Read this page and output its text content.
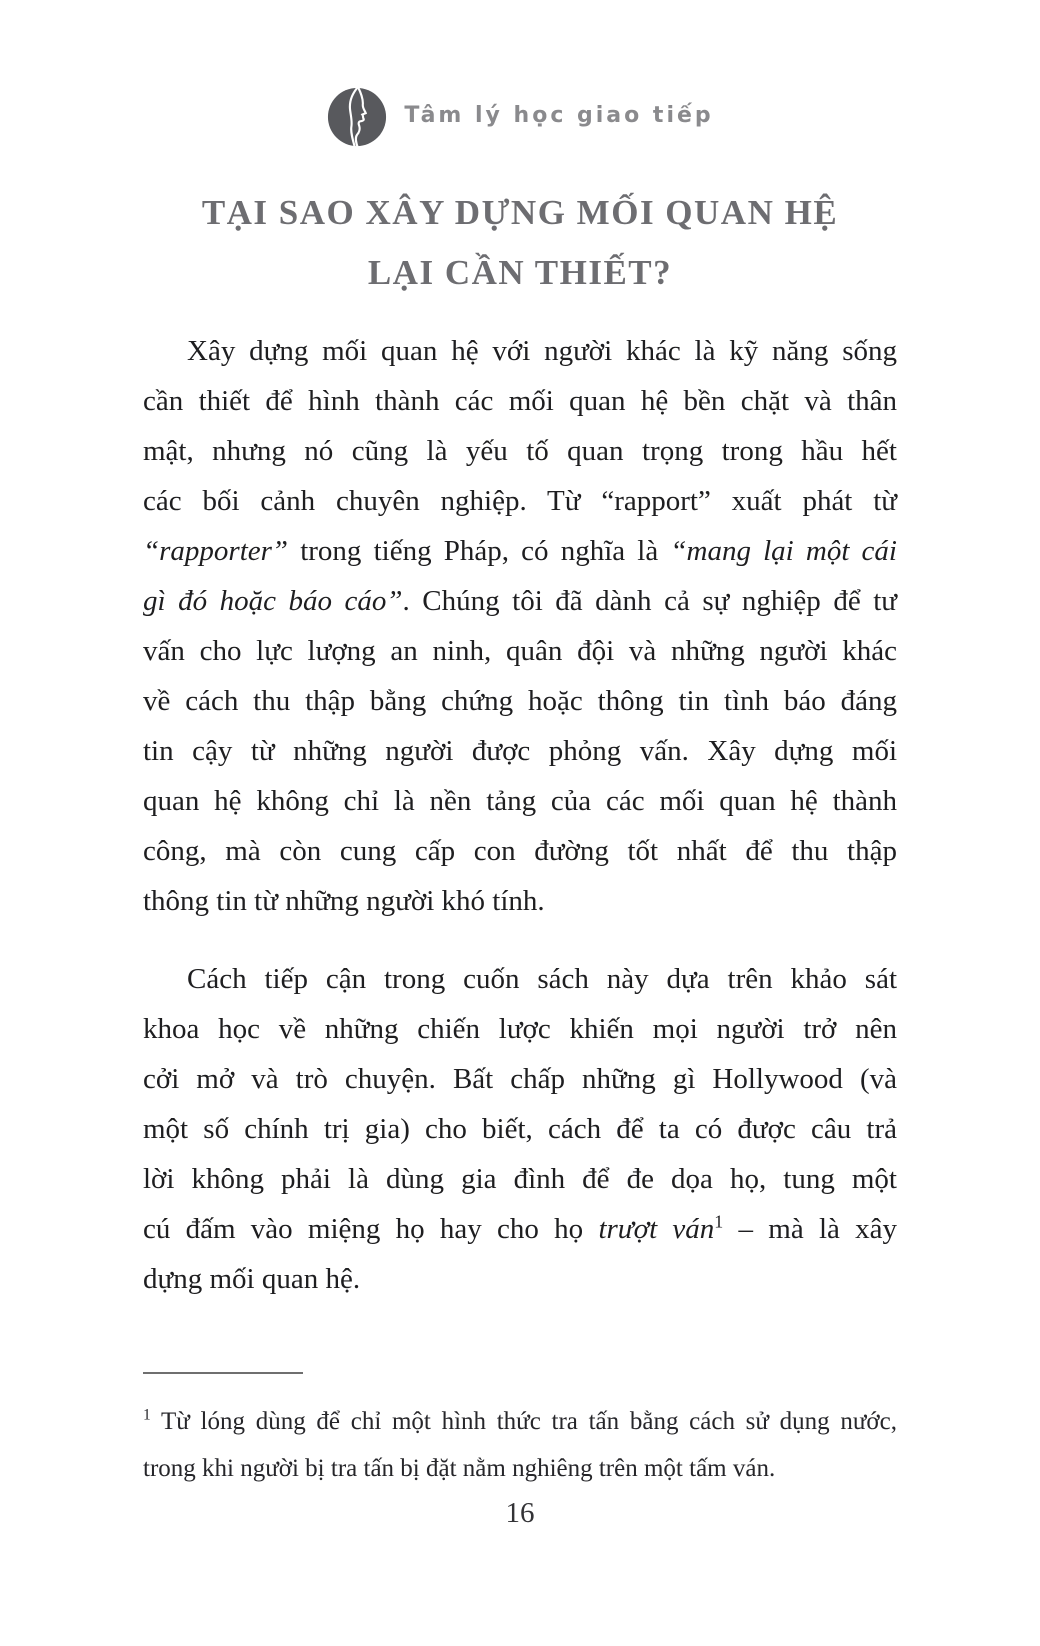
Tâm lý học giao tiếp
TẠI SAO XÂY DỰNG MỐI QUAN HỆ
LẠI CẦN THIẾT?
Xây dựng mối quan hệ với người khác là kỹ năng sống
cần thiết để hình thành các mối quan hệ bền chặt và thân
mật, nhưng nó cũng là yếu tố quan trọng trong hầu hết
các bối cảnh chuyên nghiệp. Từ “rapport” xuất phát từ
“rapporter” trong tiếng Pháp, có nghĩa là “mang lại một cái
gì đó hoặc báo cáo”. Chúng tôi đã dành cả sự nghiệp để tư
vấn cho lực lượng an ninh, quân đội và những người khác
về cách thu thập bằng chứng hoặc thông tin tình báo đáng
tin cậy từ những người được phỏng vấn. Xây dựng mối
quan hệ không chỉ là nền tảng của các mối quan hệ thành
công, mà còn cung cấp con đường tốt nhất để thu thập
thông tin từ những người khó tính.
Cách tiếp cận trong cuốn sách này dựa trên khảo sát
khoa học về những chiến lược khiến mọi người trở nên
cởi mở và trò chuyện. Bất chấp những gì Hollywood (và
một số chính trị gia) cho biết, cách để ta có được câu trả
lời không phải là dùng gia đình để đe dọa họ, tung một
cú đấm vào miệng họ hay cho họ trượt ván$^1$ – mà là xây
dựng mối quan hệ.
$^1$ Từ lóng dùng để chỉ một hình thức tra tấn bằng cách sử dụng nước,
trong khi người bị tra tấn bị đặt nằm nghiêng trên một tấm ván.
16
